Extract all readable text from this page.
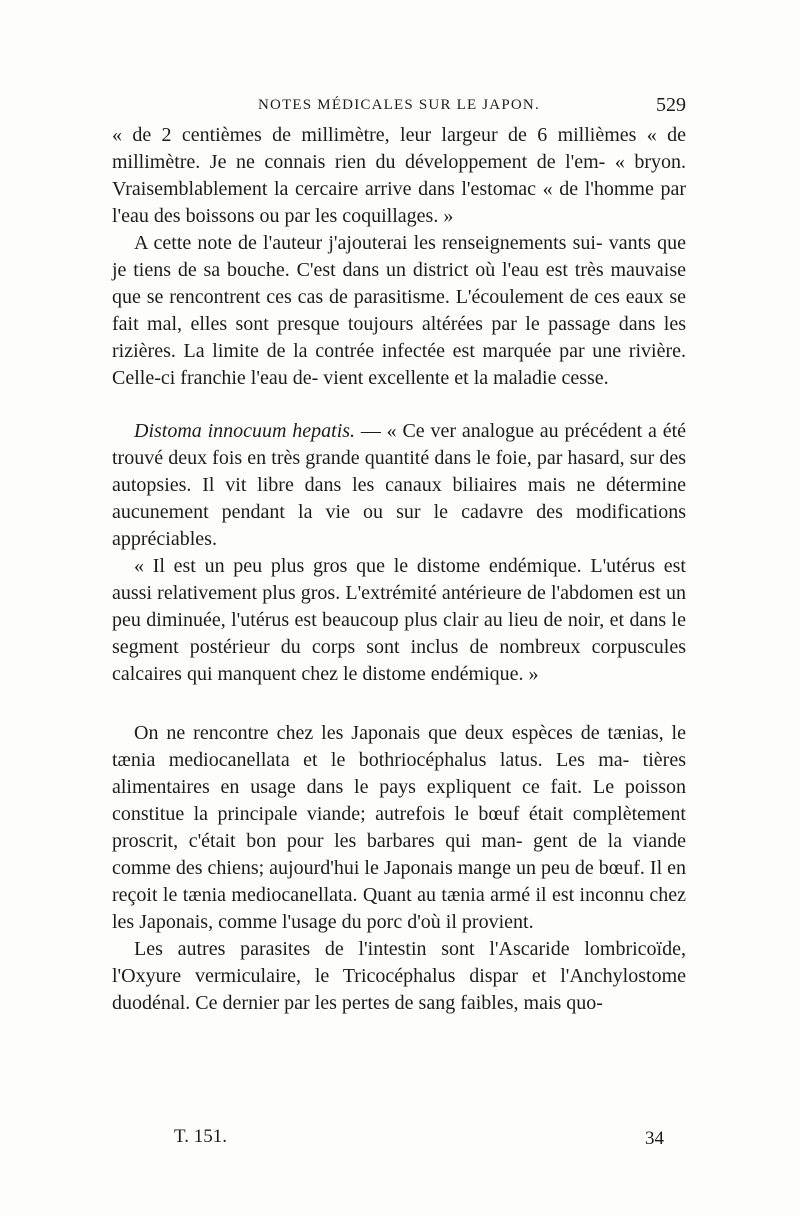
NOTES MÉDICALES SUR LE JAPON.	529

« de 2 centièmes de millimètre, leur largeur de 6 millièmes « de millimètre. Je ne connais rien du développement de l'em- « bryon. Vraisemblablement la cercaire arrive dans l'estomac « de l'homme par l'eau des boissons ou par les coquillages. »

A cette note de l'auteur j'ajouterai les renseignements sui- vants que je tiens de sa bouche. C'est dans un district où l'eau est très mauvaise que se rencontrent ces cas de parasitisme. L'écoulement de ces eaux se fait mal, elles sont presque toujours altérées par le passage dans les rizières. La limite de la contrée infectée est marquée par une rivière. Celle-ci franchie l'eau de- vient excellente et la maladie cesse.

Distoma innocuum hepatis. — « Ce ver analogue au précédent a été trouvé deux fois en très grande quantité dans le foie, par hasard, sur des autopsies. Il vit libre dans les canaux biliaires mais ne détermine aucunement pendant la vie ou sur le cadavre des modifications appréciables.

« Il est un peu plus gros que le distome endémique. L'utérus est aussi relativement plus gros. L'extrémité antérieure de l'abdomen est un peu diminuée, l'utérus est beaucoup plus clair au lieu de noir, et dans le segment postérieur du corps sont inclus de nombreux corpuscules calcaires qui manquent chez le distome endémique. »

On ne rencontre chez les Japonais que deux espèces de tænias, le tænia mediocanellata et le bothriocéphalus latus. Les ma- tières alimentaires en usage dans le pays expliquent ce fait. Le poisson constitue la principale viande; autrefois le bœuf était complètement proscrit, c'était bon pour les barbares qui man- gent de la viande comme des chiens; aujourd'hui le Japonais mange un peu de bœuf. Il en reçoit le tænia mediocanellata. Quant au tænia armé il est inconnu chez les Japonais, comme l'usage du porc d'où il provient.

Les autres parasites de l'intestin sont l'Ascaride lombricoïde, l'Oxyure vermiculaire, le Tricocéphalus dispar et l'Anchylostome duodénal. Ce dernier par les pertes de sang faibles, mais quo-

T. 151.	34
